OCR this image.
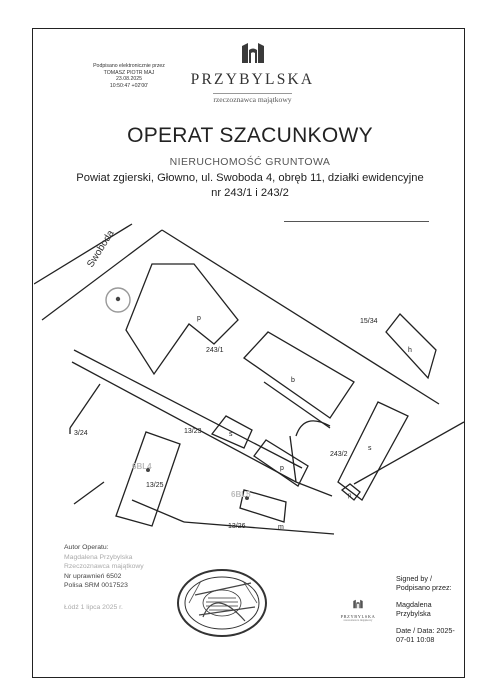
Podpisano elektronicznie przez
TOMASZ PIOTR MAJ
23.08.2025
10:50:47 +02'00'	PRZYBYLSKA
rzeczoznawca majątkowy
OPERAT SZACUNKOWY
NIERUCHOMOŚĆ GRUNTOWA
Powiat zgierski, Głowno, ul. Swoboda 4, obręb 11, działki ewidencyjne
nr 243/1 i 243/2
Swoboda
p
243/1
b
15/34
h
3/24	13/23	s
243/2
s
p
p
13/25
13/26	m
6BL4
6BL5
Autor Operatu:
Magdalena Przybylska
Rzeczoznawca majątkowy
Nr uprawnień 6502
Polisa SRM 0017523
Łódź 1 lipca 2025 r.
PRZYBYLSKA
rzeczoznawca majątkowy
Signed by /
Podpisano przez:
Magdalena
Przybylska
Date / Data: 2025-
07-01 10:08
